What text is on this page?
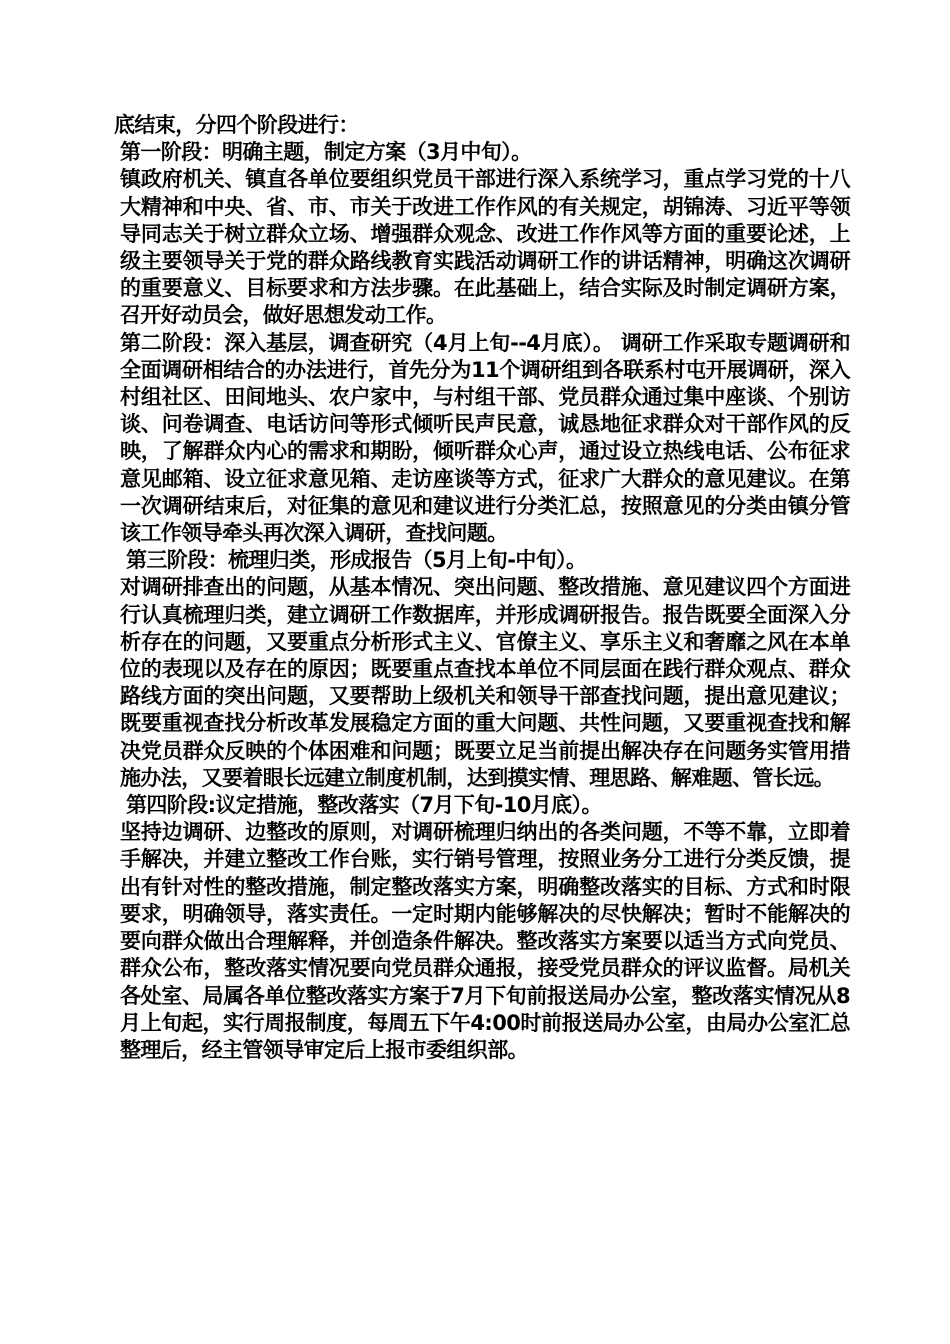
底结束，分四个阶段进行：

第一阶段：明确主题，制定方案（3月中旬）。

镇政府机关、镇直各单位要组织党员干部进行深入系统学习，重点学习党的十八大精神和中央、省、市、市关于改进工作作风的有关规定，胡锦涛、习近平等领导同志关于树立群众立场、增强群众观念、改进工作作风等方面的重要论述，上级主要领导关于党的群众路线教育实践活动调研工作的讲话精神，明确这次调研的重要意义、目标要求和方法步骤。在此基础上，结合实际及时制定调研方案，召开好动员会，做好思想发动工作。

第二阶段：深入基层，调查研究（4月上旬--4月底）。 调研工作采取专题调研和全面调研相结合的办法进行，首先分为11个调研组到各联系村屯开展调研，深入村组社区、田间地头、农户家中，与村组干部、党员群众通过集中座谈、个别访谈、问卷调查、电话访问等形式倾听民声民意，诚恳地征求群众对干部作风的反映，了解群众内心的需求和期盼，倾听群众心声，通过设立热线电话、公布征求意见邮箱、设立征求意见箱、走访座谈等方式，征求广大群众的意见建议。在第一次调研结束后，对征集的意见和建议进行分类汇总，按照意见的分类由镇分管该工作领导牵头再次深入调研，查找问题。

第三阶段：梳理归类，形成报告（5月上旬-中旬）。

对调研排查出的问题，从基本情况、突出问题、整改措施、意见建议四个方面进行认真梳理归类，建立调研工作数据库，并形成调研报告。报告既要全面深入分析存在的问题，又要重点分析形式主义、官僚主义、享乐主义和奢靡之风在本单位的表现以及存在的原因；既要重点查找本单位不同层面在践行群众观点、群众路线方面的突出问题，又要帮助上级机关和领导干部查找问题，提出意见建议；既要重视查找分析改革发展稳定方面的重大问题、共性问题，又要重视查找和解决党员群众反映的个体困难和问题；既要立足当前提出解决存在问题务实管用措施办法，又要着眼长远建立制度机制，达到摸实情、理思路、解难题、管长远。

第四阶段:议定措施，整改落实（7月下旬-10月底）。

坚持边调研、边整改的原则，对调研梳理归纳出的各类问题，不等不靠，立即着手解决，并建立整改工作台账，实行销号管理，按照业务分工进行分类反馈，提出有针对性的整改措施，制定整改落实方案，明确整改落实的目标、方式和时限要求，明确领导，落实责任。一定时期内能够解决的尽快解决；暂时不能解决的要向群众做出合理解释，并创造条件解决。整改落实方案要以适当方式向党员、群众公布，整改落实情况要向党员群众通报，接受党员群众的评议监督。局机关各处室、局属各单位整改落实方案于7月下旬前报送局办公室，整改落实情况从8月上旬起，实行周报制度，每周五下午4:00时前报送局办公室，由局办公室汇总整理后，经主管领导审定后上报市委组织部。
